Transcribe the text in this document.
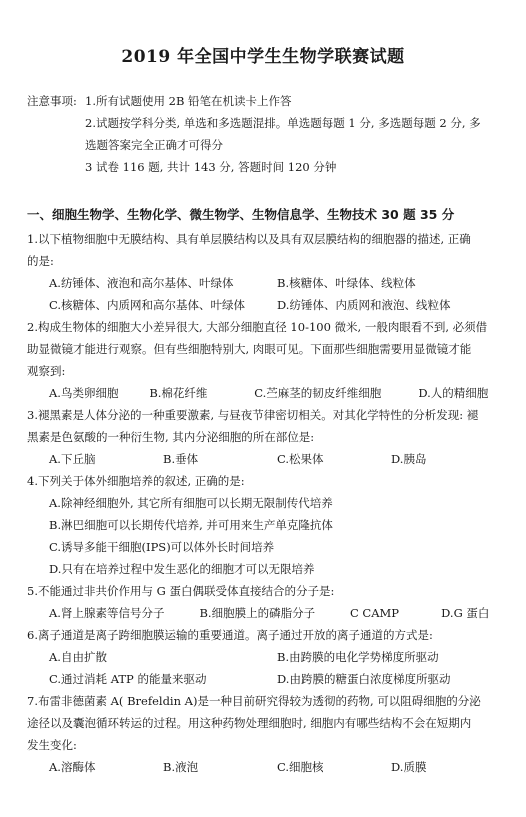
2019 年全国中学生生物学联赛试题
注意事项: 1.所有试题使用 2B 铅笔在机读卡上作答
2.试题按学科分类, 单选和多选题混排。单选题每题 1 分, 多选题每题 2 分, 多
选题答案完全正确才可得分
3 试卷 116 题, 共计 143 分, 答题时间 120 分钟
一、细胞生物学、生物化学、微生物学、生物信息学、生物技术 30 题 35 分

1.以下植物细胞中无膜结构、具有单层膜结构以及具有双层膜结构的细胞器的描述, 正确

的是:

A.纺锤体、液泡和高尔基体、叶绿体	B.核糖体、叶绿体、线粒体
C.核糖体、内质网和高尔基体、叶绿体	D.纺锤体、内质网和液泡、线粒体

2.构成生物体的细胞大小差异很大, 大部分细胞直径 10-100 微米, 一般肉眼看不到, 必须借

助显微镜才能进行观察。但有些细胞特别大, 肉眼可见。下面那些细胞需要用显微镜才能

观察到:

A.鸟类卵细胞	B.棉花纤维	C.苎麻茎的韧皮纤维细胞	D.人的精细胞

3.褪黑素是人体分泌的一种重要激素, 与昼夜节律密切相关。对其化学特性的分析发现: 褪

黑素是色氨酸的一种衍生物, 其内分泌细胞的所在部位是:

A.下丘脑	B.垂体	C.松果体	D.胰岛

4.下列关于体外细胞培养的叙述, 正确的是:

A.除神经细胞外, 其它所有细胞可以长期无限制传代培养
B.淋巴细胞可以长期传代培养, 并可用来生产单克隆抗体
C.诱导多能干细胞(IPS)可以体外长时间培养
D.只有在培养过程中发生恶化的细胞才可以无限培养

5.不能通过非共价作用与 G 蛋白偶联受体直接结合的分子是:

A.肾上腺素等信号分子	B.细胞膜上的磷脂分子	C CAMP	D.G 蛋白

6.离子通道是离子跨细胞膜运输的重要通道。离子通过开放的离子通道的方式是:

A.自由扩散	B.由跨膜的电化学势梯度所驱动
C.通过消耗 ATP 的能量来驱动	D.由跨膜的糖蛋白浓度梯度所驱动

7.布雷非德菌素 A( Brefeldin A)是一种目前研究得较为透彻的药物, 可以阻碍细胞的分泌

途径以及囊泡循环转运的过程。用这种药物处理细胞时, 细胞内有哪些结构不会在短期内

发生变化:

A.溶酶体	B.液泡	C.细胞核	D.质膜
